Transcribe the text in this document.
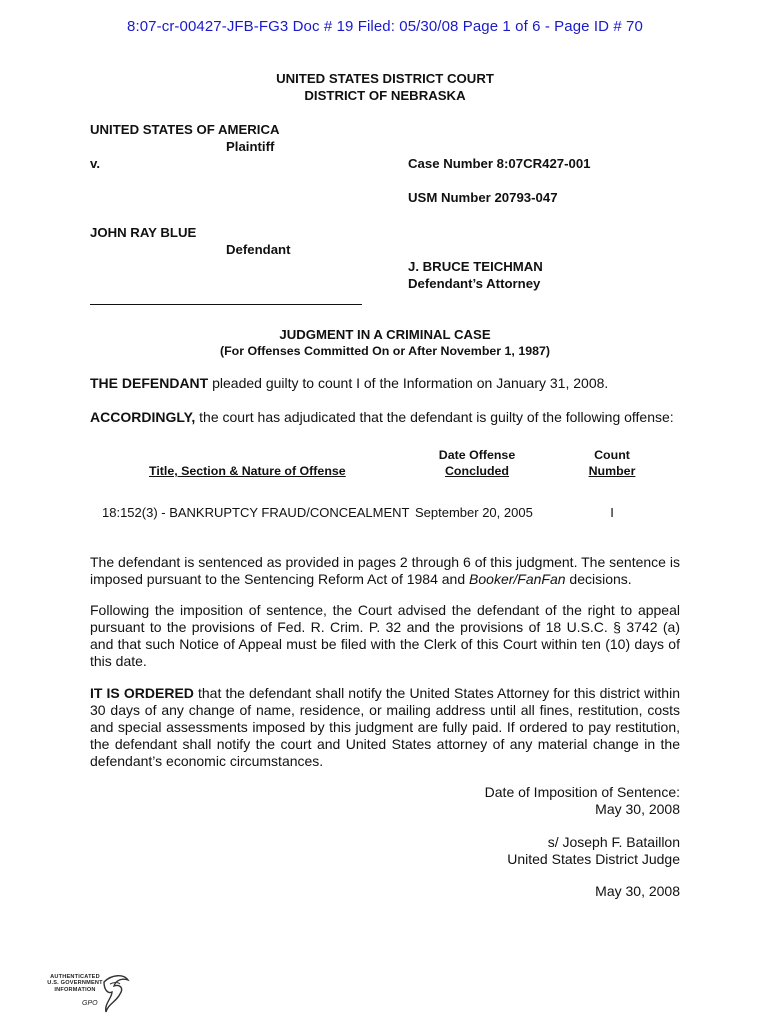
8:07-cr-00427-JFB-FG3 Doc # 19 Filed: 05/30/08 Page 1 of 6 - Page ID # 70
UNITED STATES DISTRICT COURT
DISTRICT OF NEBRASKA
UNITED STATES OF AMERICA
Plaintiff
v.	Case Number 8:07CR427-001
USM Number 20793-047
JOHN RAY BLUE
Defendant
J. BRUCE TEICHMAN
Defendant’s Attorney
JUDGMENT IN A CRIMINAL CASE
(For Offenses Committed On or After November 1, 1987)
THE DEFENDANT pleaded guilty to count I of the Information on January 31, 2008.
ACCORDINGLY, the court has adjudicated that the defendant is guilty of the following offense:
Title, Section & Nature of Offense
Date Offense
Concluded
Count
Number
18:152(3) - BANKRUPTCY FRAUD/CONCEALMENT September 20, 2005	I
The defendant is sentenced as provided in pages 2 through 6 of this judgment. The sentence is imposed pursuant to the Sentencing Reform Act of 1984 and Booker/FanFan decisions.
Following the imposition of sentence, the Court advised the defendant of the right to appeal pursuant to the provisions of Fed. R. Crim. P. 32 and the provisions of 18 U.S.C. § 3742 (a) and that such Notice of Appeal must be filed with the Clerk of this Court within ten (10) days of this date.
IT IS ORDERED that the defendant shall notify the United States Attorney for this district within 30 days of any change of name, residence, or mailing address until all fines, restitution, costs and special assessments imposed by this judgment are fully paid. If ordered to pay restitution, the defendant shall notify the court and United States attorney of any material change in the defendant’s economic circumstances.
Date of Imposition of Sentence:
May 30, 2008
s/ Joseph F. Bataillon
United States District Judge
May 30, 2008
AUTHENTICATED
U.S. GOVERNMENT
INFORMATION
GPO
